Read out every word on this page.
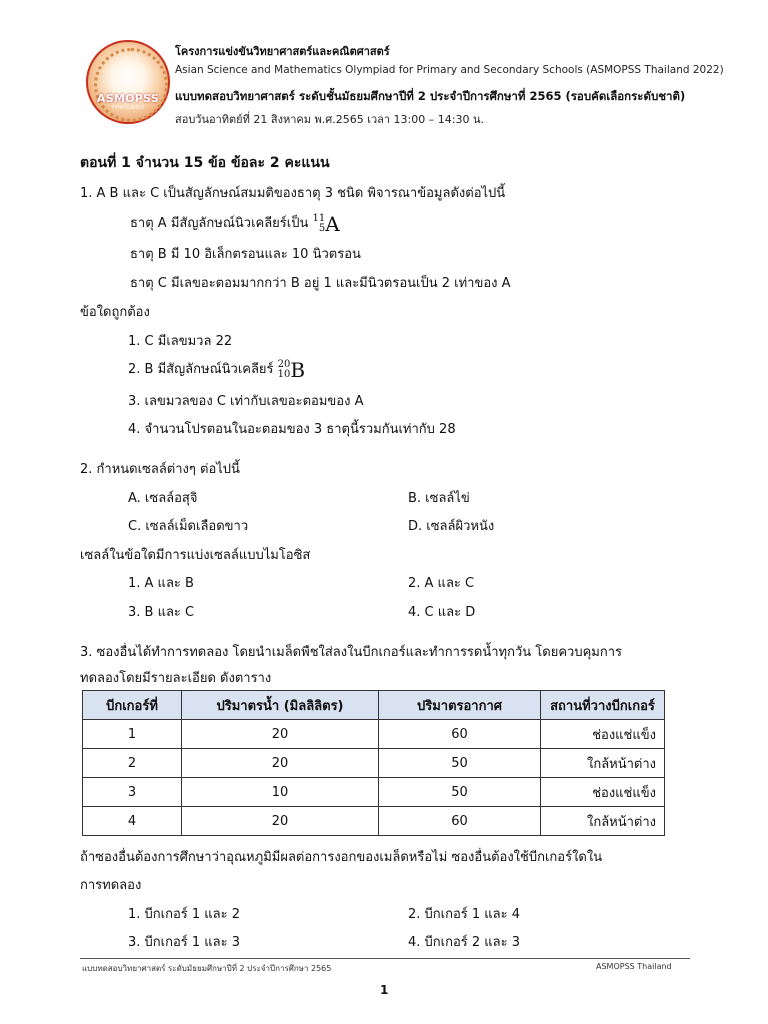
ASMOPSS
THAILAND
โครงการแข่งขันวิทยาศาสตร์และคณิตศาสตร์
Asian Science and Mathematics Olympiad for Primary and Secondary Schools (ASMOPSS Thailand 2022)
แบบทดสอบวิทยาศาสตร์ ระดับชั้นมัธยมศึกษาปีที่ 2 ประจำปีการศึกษาที่ 2565 (รอบคัดเลือกระดับชาติ)
สอบวันอาทิตย์ที่ 21 สิงหาคม พ.ศ.2565 เวลา 13:00 – 14:30 น.
ตอนที่ 1 จำนวน 15 ข้อ ข้อละ 2 คะแนน
1. A B และ C เป็นสัญลักษณ์สมมติของธาตุ 3 ชนิด พิจารณาข้อมูลดังต่อไปนี้
ธาตุ A มีสัญลักษณ์นิวเคลียร์เป็น 11
5A
ธาตุ B มี 10 อิเล็กตรอนและ 10 นิวตรอน
ธาตุ C มีเลขอะตอมมากกว่า B อยู่ 1 และมีนิวตรอนเป็น 2 เท่าของ A
ข้อใดถูกต้อง
1. C มีเลขมวล 22
2. B มีสัญลักษณ์นิวเคลียร์ 20
10B
3. เลขมวลของ C เท่ากับเลขอะตอมของ A
4. จำนวนโปรตอนในอะตอมของ 3 ธาตุนี้รวมกันเท่ากับ 28
2. กำหนดเซลล์ต่างๆ ต่อไปนี้
A. เซลล์อสุจิ	B. เซลล์ไข่
C. เซลล์เม็ดเลือดขาว	D. เซลล์ผิวหนัง
เซลล์ในข้อใดมีการแบ่งเซลล์แบบไมโอซิส
1. A และ B	2. A และ C
3. B และ C	4. C และ D
3. ซองอื่นได้ทำการทดลอง โดยนำเมล็ดพืชใส่ลงในบีกเกอร์และทำการรดน้ำทุกวัน โดยควบคุมการ
ทดลองโดยมีรายละเอียด ดังตาราง
บีกเกอร์ที่	ปริมาตรน้ำ (มิลลิลิตร)	ปริมาตรอากาศ	สถานที่วางบีกเกอร์
1	20	60	ช่องแช่แข็ง
2	20	50	ใกล้หน้าต่าง
3	10	50	ช่องแช่แข็ง
4	20	60	ใกล้หน้าต่าง
ถ้าซองอื่นต้องการศึกษาว่าอุณหภูมิมีผลต่อการงอกของเมล็ดหรือไม่ ซองอื่นต้องใช้บีกเกอร์ใดใน
การทดลอง
1. บีกเกอร์ 1 และ 2	2. บีกเกอร์ 1 และ 4
3. บีกเกอร์ 1 และ 3	4. บีกเกอร์ 2 และ 3
แบบทดสอบวิทยาศาสตร์ ระดับมัธยมศึกษาปีที่ 2 ประจำปีการศึกษา 2565	ASMOPSS Thailand
1
